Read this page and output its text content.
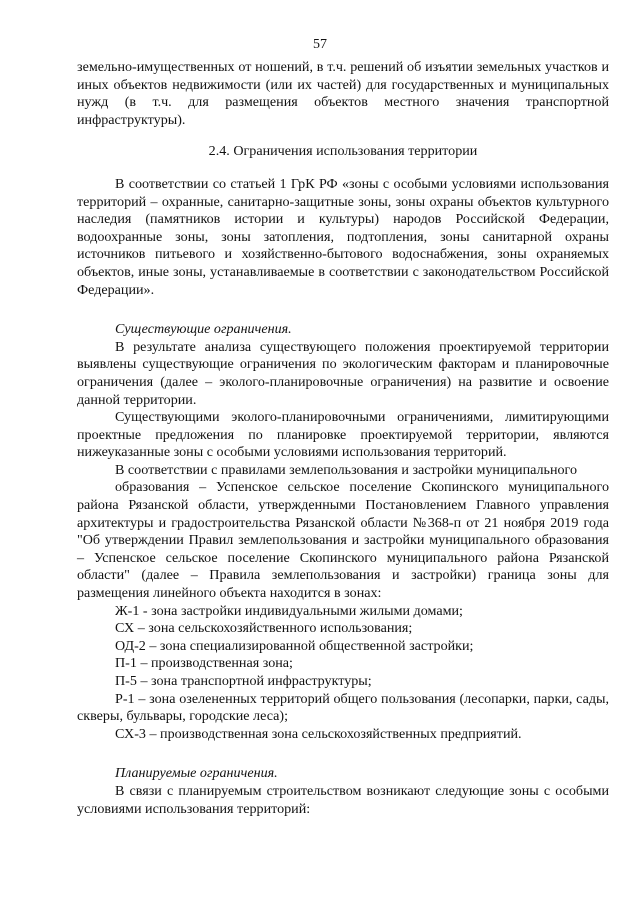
57

земельно-имущественных от ношений, в т.ч. решений об изъятии земельных участков и иных объектов недвижимости (или их частей) для государственных и муниципальных нужд (в т.ч. для размещения объектов местного значения транспортной инфраструктуры).

2.4. Ограничения использования территории

В соответствии со статьей 1 ГрК РФ «зоны с особыми условиями использования территорий – охранные, санитарно-защитные зоны, зоны охраны объектов культурного наследия (памятников истории и культуры) народов Российской Федерации, водоохранные зоны, зоны затопления, подтопления, зоны санитарной охраны источников питьевого и хозяйственно-бытового водоснабжения, зоны охраняемых объектов, иные зоны, устанавливаемые в соответствии с законодательством Российской Федерации».

Существующие ограничения.

В результате анализа существующего положения проектируемой территории выявлены существующие ограничения по экологическим факторам и планировочные ограничения (далее – эколого-планировочные ограничения) на развитие и освоение данной территории.

Существующими эколого-планировочными ограничениями, лимитирующими проектные предложения по планировке проектируемой территории, являются нижеуказанные зоны с особыми условиями использования территорий.

В соответствии с правилами землепользования и застройки муниципального

образования – Успенское сельское поселение Скопинского муниципального района Рязанской области, утвержденными Постановлением Главного управления архитектуры и градостроительства Рязанской области №368-п от 21 ноября 2019 года "Об утверждении Правил землепользования и застройки муниципального образования – Успенское сельское поселение Скопинского муниципального района Рязанской области" (далее – Правила землепользования и застройки) граница зоны для размещения линейного объекта находится в зонах:

Ж-1 - зона застройки индивидуальными жилыми домами;

СХ – зона сельскохозяйственного использования;

ОД-2 – зона специализированной общественной застройки;

П-1 – производственная зона;

П-5 – зона транспортной инфраструктуры;

Р-1 – зона озелененных территорий общего пользования (лесопарки, парки, сады, скверы, бульвары, городские леса);

СХ-3 – производственная зона сельскохозяйственных предприятий.

Планируемые ограничения.

В связи с планируемым строительством возникают следующие зоны с особыми условиями использования территорий:
